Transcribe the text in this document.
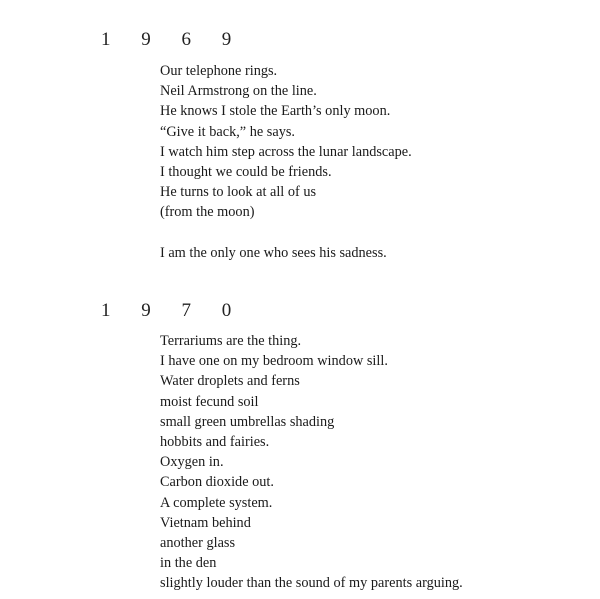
1 9 6 9
Our telephone rings.
Neil Armstrong on the line.
He knows I stole the Earth’s only moon.
“Give it back,” he says.
I watch him step across the lunar landscape.
I thought we could be friends.
He turns to look at all of us
(from the moon)
I am the only one who sees his sadness.
1 9 7 0
Terrariums are the thing.
I have one on my bedroom window sill.
Water droplets and ferns
moist fecund soil
small green umbrellas shading
hobbits and fairies.
Oxygen in.
Carbon dioxide out.
A complete system.
Vietnam behind
another glass
in the den
slightly louder than the sound of my parents arguing.
